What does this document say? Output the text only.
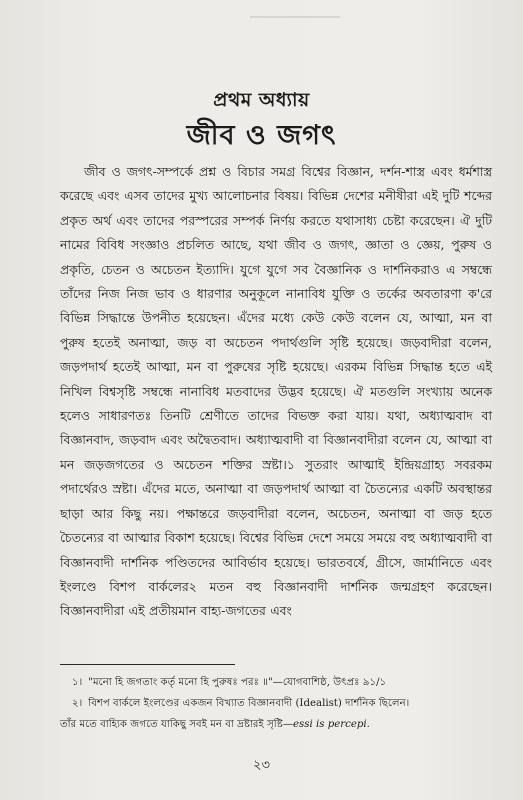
প্রথম অধ্যায়
জীব ও জগৎ

জীব ও জগৎ-সম্পর্কে প্রশ্ন ও বিচার সমগ্র বিশ্বের বিজ্ঞান, দর্শন-শাস্ত্র এবং ধর্মশাস্ত্র করেছে এবং এসব তাদের মুখ্য আলোচনার বিষয়। বিভিন্ন দেশের মনীষীরা এই দুটি শব্দের প্রকৃত অর্থ এবং তাদের পরস্পরের সম্পর্ক নির্ণয় করতে যথাসাধ্য চেষ্টা করেছেন। ঐ দুটি নামের বিবিধ সংজ্ঞাও প্রচলিত আছে, যথা জীব ও জগৎ, জ্ঞাতা ও জ্ঞেয়, পুরুষ ও প্রকৃতি, চেতন ও অচেতন ইত্যাদি। যুগে যুগে সব বৈজ্ঞানিক ও দার্শনিকরাও এ সম্বন্ধে তাঁদের নিজ নিজ ভাব ও ধারণার অনুকূলে নানাবিধ যুক্তি ও তর্কের অবতারণা ক'রে বিভিন্ন সিদ্ধান্তে উপনীত হয়েছেন। এঁদের মধ্যে কেউ কেউ বলেন যে, আত্মা, মন বা পুরুষ হতেই অনাত্মা, জড় বা অচেতন পদার্থগুলি সৃষ্টি হয়েছে। জড়বাদীরা বলেন, জড়পদার্থ হতেই আত্মা, মন বা পুরুষের সৃষ্টি হয়েছে। এরকম বিভিন্ন সিদ্ধান্ত হতে এই নিখিল বিশ্বসৃষ্টি সম্বন্ধে নানাবিধ মতবাদের উদ্ভব হয়েছে। ঐ মতগুলি সংখ্যায় অনেক হলেও সাধারণতঃ তিনটি শ্রেণীতে তাদের বিভক্ত করা যায়। যথা, অধ্যাত্মবাদ বা বিজ্ঞানবাদ, জড়বাদ এবং অদ্বৈতবাদ। অধ্যাত্মবাদী বা বিজ্ঞানবাদীরা বলেন যে, আত্মা বা মন জড়জগতের ও অচেতন শক্তির স্রষ্টা।১ সুতরাং আত্মাই ইন্দ্রিয়গ্রাহ্য সবরকম পদার্থেরও স্রষ্টা। এঁদের মতে, অনাত্মা বা জড়পদার্থ আত্মা বা চৈতন্যের একটি অবস্থান্তর ছাড়া আর কিছু নয়। পক্ষান্তরে জড়বাদীরা বলেন, অচেতন, অনাত্মা বা জড় হতে চৈতন্যের বা আত্মার বিকাশ হয়েছে। বিশ্বের বিভিন্ন দেশে সময়ে সময়ে বহু অধ্যাত্মবাদী বা বিজ্ঞানবাদী দার্শনিক পণ্ডিতদের আবির্ভাব হয়েছে। ভারতবর্ষে, গ্রীসে, জার্মানিতে এবং ইংলণ্ডে বিশপ বার্কলের২ মতন বহু বিজ্ঞানবাদী দার্শনিক জন্মগ্রহণ করেছেন। বিজ্ঞানবাদীরা এই প্রতীয়মান বাহ্য-জগতের এবং

১। "মনো হি জগতাং কর্তৃ মনো হি পুরুষঃ পরঃ ॥"—যোগবাশিষ্ঠ, উৎপ্রঃ ৯১/১

২। বিশপ বার্কলে ইংলণ্ডের একজন বিখ্যাত বিজ্ঞানবাদী (Idealist) দার্শনিক ছিলেন।

তাঁর মতে বাহ্যিক জগতে যাকিছু সবই মন বা দ্রষ্টারই সৃষ্টি—essi is percepi.

২৩
